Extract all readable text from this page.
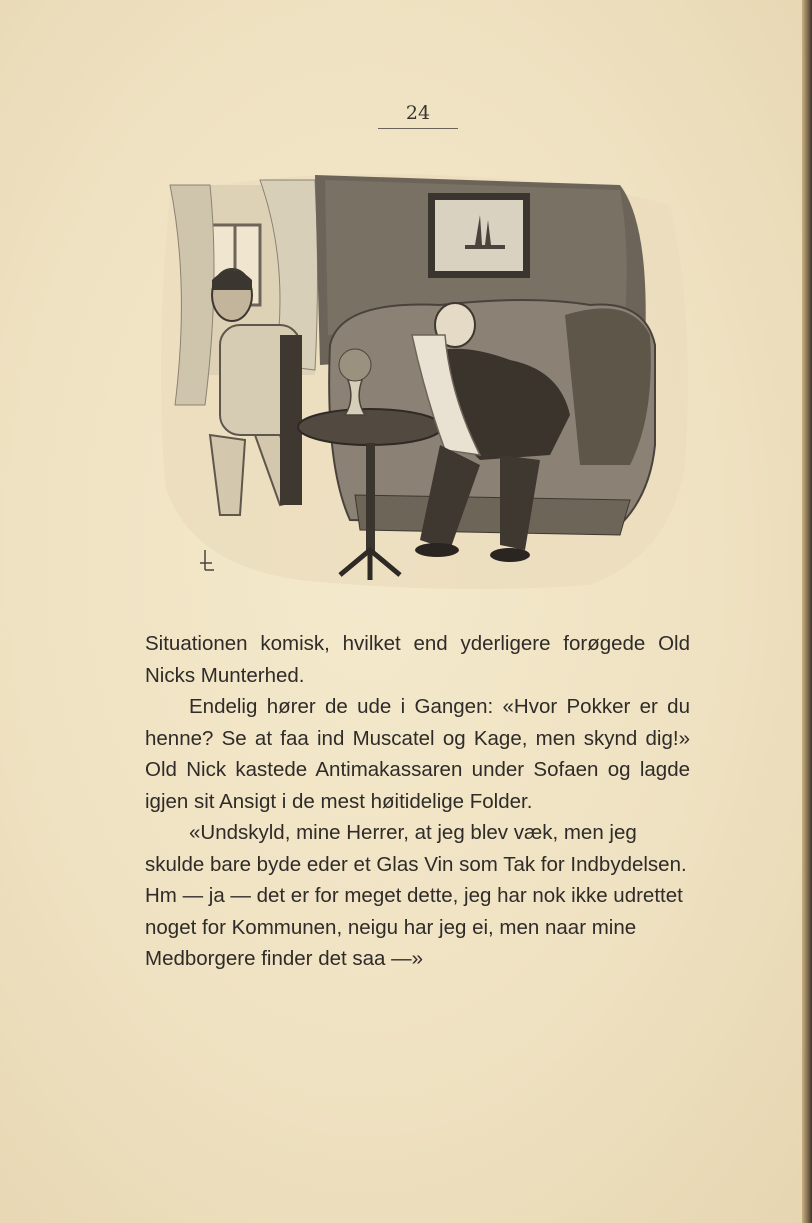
24

Situationen komisk, hvilket end yderligere forøgede Old Nicks Munterhed.

Endelig hører de ude i Gangen: «Hvor Pokker er du henne? Se at faa ind Muscatel og Kage, men skynd dig!» Old Nick kastede Antimakassaren under Sofaen og lagde igjen sit Ansigt i de mest høitidelige Folder.

«Undskyld, mine Herrer, at jeg blev væk, men jeg skulde bare byde eder et Glas Vin som Tak for Indbydelsen. Hm — ja — det er for meget dette, jeg har nok ikke udrettet noget for Kommunen, neigu har jeg ei, men naar mine Medborgere finder det saa —»
